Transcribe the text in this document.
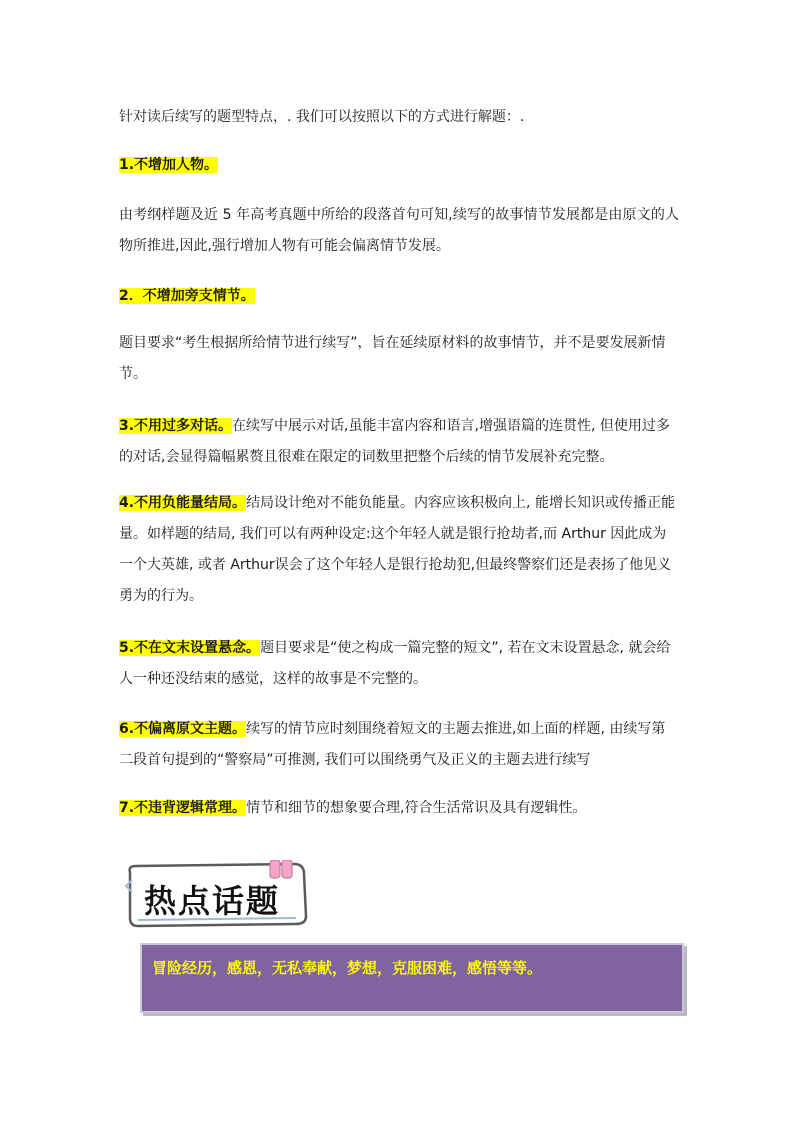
针对读后续写的题型特点，. 我们可以按照以下的方式进行解题：.

1.不增加人物。

由考纲样题及近 5 年高考真题中所给的段落首句可知,续写的故事情节发展都是由原文的人物所推进,因此,强行增加人物有可能会偏离情节发展。

2．不增加旁支情节。

题目要求“考生根据所给情节进行续写”，旨在延续原材料的故事情节，并不是要发展新情节。

3.不用过多对话。在续写中展示对话,虽能丰富内容和语言,增强语篇的连贯性, 但使用过多的对话,会显得篇幅累赘且很难在限定的词数里把整个后续的情节发展补充完整。

4.不用负能量结局。结局设计绝对不能负能量。内容应该积极向上, 能增长知识或传播正能量。如样题的结局, 我们可以有两种设定:这个年轻人就是银行抢劫者,而 Arthur 因此成为一个大英雄, 或者 Arthur误会了这个年轻人是银行抢劫犯,但最终警察们还是表扬了他见义勇为的行为。

5.不在文末设置悬念。题目要求是“使之构成一篇完整的短文”, 若在文末设置悬念, 就会给人一种还没结束的感觉，这样的故事是不完整的。

6.不偏离原文主题。续写的情节应时刻围绕着短文的主题去推进,如上面的样题, 由续写第二段首句提到的“警察局”可推测, 我们可以围绕勇气及正义的主题去进行续写

7.不违背逻辑常理。情节和细节的想象要合理,符合生活常识及具有逻辑性。

热点话题

冒险经历，感恩，无私奉献，梦想，克服困难，感悟等等。
